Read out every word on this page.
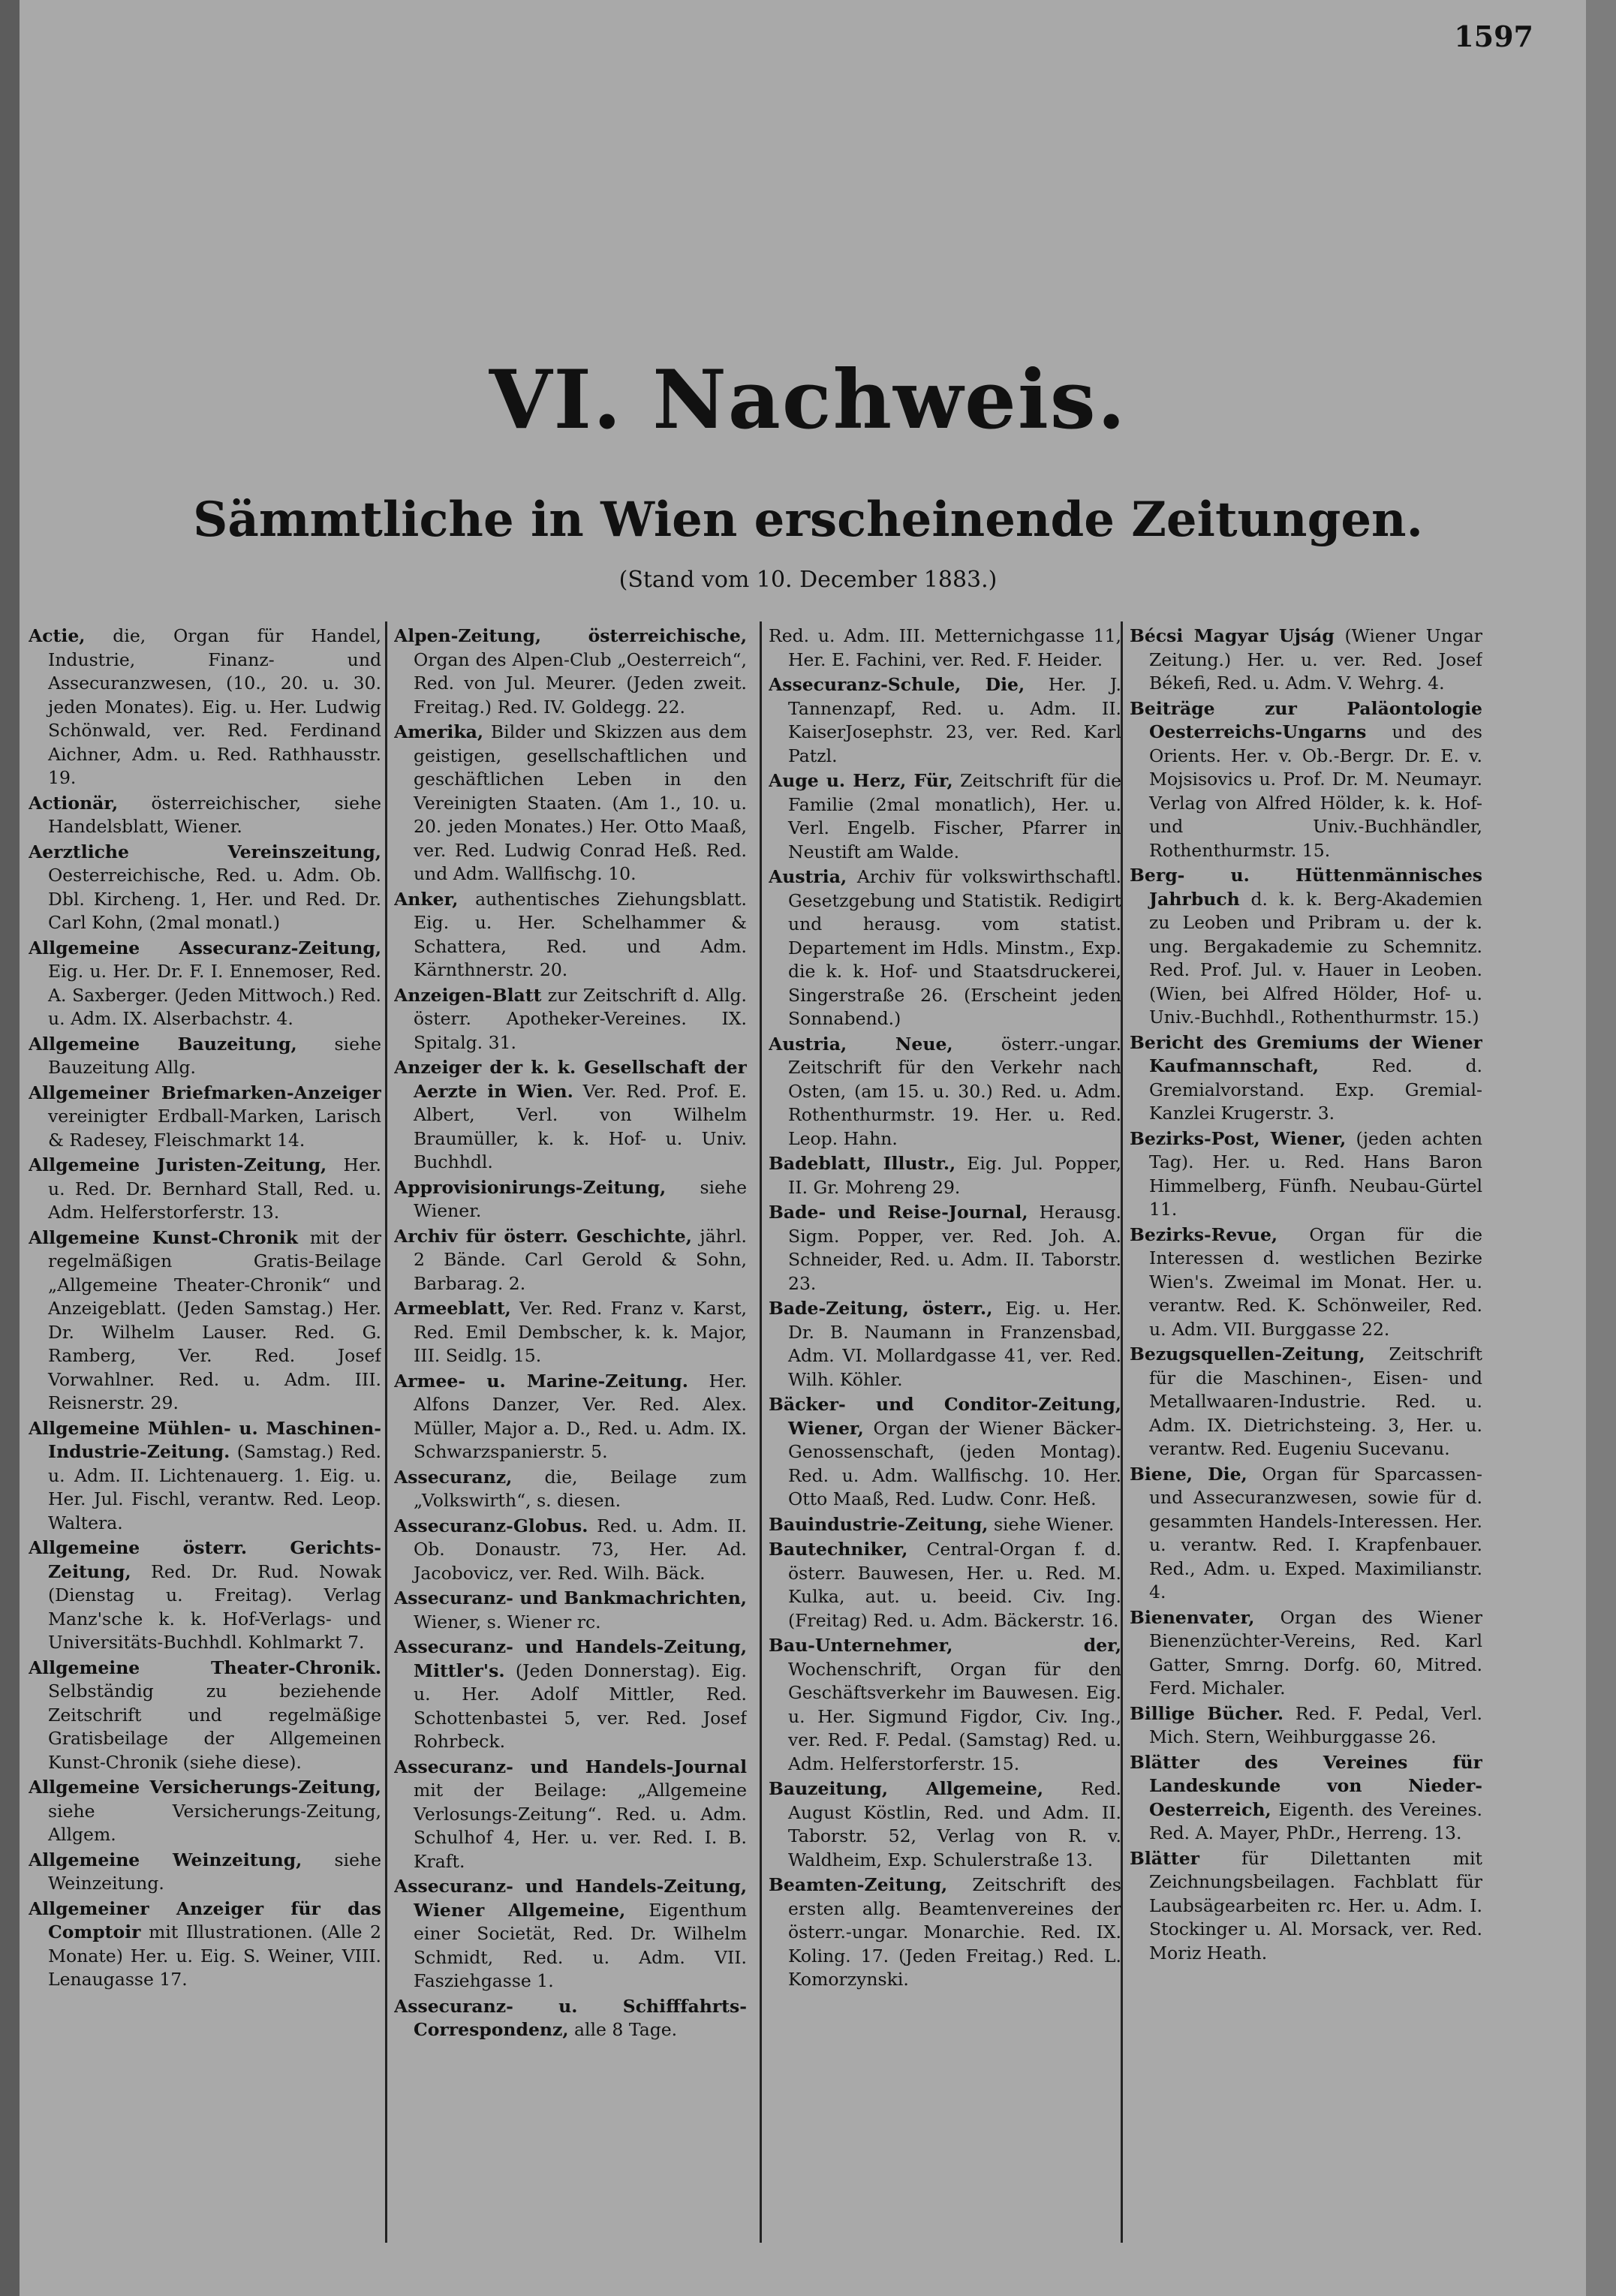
1597
VI. Nachweis.
Sämmtliche in Wien erscheinende Zeitungen.
(Stand vom 10. December 1883.)

Actie, die, Organ für Handel, Industrie, Finanz- und Assecuranzwesen, (10., 20. u. 30. jeden Monates). Eig. u. Her. Ludwig Schönwald, ver. Red. Ferdinand Aichner, Adm. u. Red. Rathhausstr. 19.

Actionär, österreichischer, siehe Handelsblatt, Wiener.

Aerztliche Vereinszeitung, Oesterreichische, Red. u. Adm. Ob. Dbl. Kircheng. 1, Her. und Red. Dr. Carl Kohn, (2mal monatl.)

Allgemeine Assecuranz-Zeitung, Eig. u. Her. Dr. F. I. Ennemoser, Red. A. Saxberger. (Jeden Mittwoch.) Red. u. Adm. IX. Alserbachstr. 4.

Allgemeine Bauzeitung, siehe Bauzeitung Allg.

Allgemeiner Briefmarken-Anzeiger vereinigter Erdball-Marken, Larisch & Radesey, Fleischmarkt 14.

Allgemeine Juristen-Zeitung, Her. u. Red. Dr. Bernhard Stall, Red. u. Adm. Helferstorferstr. 13.

Allgemeine Kunst-Chronik mit der regelmäßigen Gratis-Beilage „Allgemeine Theater-Chronik“ und Anzeigeblatt. (Jeden Samstag.) Her. Dr. Wilhelm Lauser. Red. G. Ramberg, Ver. Red. Josef Vorwahlner. Red. u. Adm. III. Reisnerstr. 29.

Allgemeine Mühlen- u. Maschinen-Industrie-Zeitung. (Samstag.) Red. u. Adm. II. Lichtenauerg. 1. Eig. u. Her. Jul. Fischl, verantw. Red. Leop. Waltera.

Allgemeine österr. Gerichts-Zeitung, Red. Dr. Rud. Nowak (Dienstag u. Freitag). Verlag Manz'sche k. k. Hof-Verlags- und Universitäts-Buchhdl. Kohlmarkt 7.

Allgemeine Theater-Chronik. Selbständig zu beziehende Zeitschrift und regelmäßige Gratisbeilage der Allgemeinen Kunst-Chronik (siehe diese).

Allgemeine Versicherungs-Zeitung, siehe Versicherungs-Zeitung, Allgem.

Allgemeine Weinzeitung, siehe Weinzeitung.

Allgemeiner Anzeiger für das Comptoir mit Illustrationen. (Alle 2 Monate) Her. u. Eig. S. Weiner, VIII. Lenaugasse 17.

Alpen-Zeitung, österreichische, Organ des Alpen-Club „Oesterreich“, Red. von Jul. Meurer. (Jeden zweit. Freitag.) Red. IV. Goldegg. 22.

Amerika, Bilder und Skizzen aus dem geistigen, gesellschaftlichen und geschäftlichen Leben in den Vereinigten Staaten. (Am 1., 10. u. 20. jeden Monates.) Her. Otto Maaß, ver. Red. Ludwig Conrad Heß. Red. und Adm. Wallfischg. 10.

Anker, authentisches Ziehungsblatt. Eig. u. Her. Schelhammer & Schattera, Red. und Adm. Kärnthnerstr. 20.

Anzeigen-Blatt zur Zeitschrift d. Allg. österr. Apotheker-Vereines. IX. Spitalg. 31.

Anzeiger der k. k. Gesellschaft der Aerzte in Wien. Ver. Red. Prof. E. Albert, Verl. von Wilhelm Braumüller, k. k. Hof- u. Univ. Buchhdl.

Approvisionirungs-Zeitung, siehe Wiener.

Archiv für österr. Geschichte, jährl. 2 Bände. Carl Gerold & Sohn, Barbarag. 2.

Armeeblatt, Ver. Red. Franz v. Karst, Red. Emil Dembscher, k. k. Major, III. Seidlg. 15.

Armee- u. Marine-Zeitung. Her. Alfons Danzer, Ver. Red. Alex. Müller, Major a. D., Red. u. Adm. IX. Schwarzspanierstr. 5.

Assecuranz, die, Beilage zum „Volkswirth“, s. diesen.

Assecuranz-Globus. Red. u. Adm. II. Ob. Donaustr. 73, Her. Ad. Jacobovicz, ver. Red. Wilh. Bäck.

Assecuranz- und Bankmachrichten, Wiener, s. Wiener rc.

Assecuranz- und Handels-Zeitung, Mittler's. (Jeden Donnerstag). Eig. u. Her. Adolf Mittler, Red. Schottenbastei 5, ver. Red. Josef Rohrbeck.

Assecuranz- und Handels-Journal mit der Beilage: „Allgemeine Verlosungs-Zeitung“. Red. u. Adm. Schulhof 4, Her. u. ver. Red. I. B. Kraft.

Assecuranz- und Handels-Zeitung, Wiener Allgemeine, Eigenthum einer Societät, Red. Dr. Wilhelm Schmidt, Red. u. Adm. VII. Fasziehgasse 1.

Assecuranz- u. Schifffahrts-Correspondenz, alle 8 Tage.

Red. u. Adm. III. Metternichgasse 11, Her. E. Fachini, ver. Red. F. Heider.

Assecuranz-Schule, Die, Her. J. Tannenzapf, Red. u. Adm. II. KaiserJosephstr. 23, ver. Red. Karl Patzl.

Auge u. Herz, Für, Zeitschrift für die Familie (2mal monatlich), Her. u. Verl. Engelb. Fischer, Pfarrer in Neustift am Walde.

Austria, Archiv für volkswirthschaftl. Gesetzgebung und Statistik. Redigirt und herausg. vom statist. Departement im Hdls. Minstm., Exp. die k. k. Hof- und Staatsdruckerei, Singerstraße 26. (Erscheint jeden Sonnabend.)

Austria, Neue,	österr.-ungar. Zeitschrift für den Verkehr nach Osten, (am 15. u. 30.) Red. u. Adm. Rothenthurmstr. 19. Her. u. Red. Leop. Hahn.

Badeblatt, Illustr., Eig. Jul. Popper, II. Gr. Mohreng 29.

Bade- und Reise-Journal, Herausg. Sigm. Popper, ver. Red. Joh. A. Schneider, Red. u. Adm. II. Taborstr. 23.

Bade-Zeitung, österr., Eig. u. Her. Dr. B. Naumann in Franzensbad, Adm. VI. Mollardgasse 41, ver. Red. Wilh. Köhler.

Bäcker- und Conditor-Zeitung, Wiener, Organ der Wiener Bäcker-Genossenschaft, (jeden Montag). Red. u. Adm. Wallfischg. 10. Her. Otto Maaß, Red. Ludw. Conr. Heß.

Bauindustrie-Zeitung, siehe Wiener.

Bautechniker, Central-Organ f. d. österr. Bauwesen, Her. u. Red. M. Kulka, aut. u. beeid. Civ. Ing. (Freitag) Red. u. Adm. Bäckerstr. 16.

Bau-Unternehmer, der, Wochenschrift, Organ für den Geschäftsverkehr im Bauwesen. Eig. u. Her. Sigmund Figdor, Civ. Ing., ver. Red. F. Pedal. (Samstag) Red. u. Adm. Helferstorferstr. 15.

Bauzeitung, Allgemeine, Red. August Köstlin, Red. und Adm. II. Taborstr. 52, Verlag von R. v. Waldheim, Exp. Schulerstraße 13.

Beamten-Zeitung, Zeitschrift des ersten allg. Beamtenvereines der österr.-ungar. Monarchie. Red. IX. Koling. 17. (Jeden Freitag.) Red. L. Komorzynski.

Bécsi Magyar Ujság (Wiener Ungar Zeitung.) Her. u. ver. Red. Josef Békefi, Red. u. Adm. V. Wehrg. 4.

Beiträge zur Paläontologie Oesterreichs-Ungarns und des Orients. Her. v. Ob.-Bergr. Dr. E. v. Mojsisovics u. Prof. Dr. M. Neumayr. Verlag von Alfred Hölder, k. k. Hof- und Univ.-Buchhändler, Rothenthurmstr. 15.

Berg- u. Hüttenmännisches Jahrbuch d. k. k. Berg-Akademien zu Leoben und Pribram u. der k. ung. Bergakademie zu Schemnitz. Red. Prof. Jul. v. Hauer in Leoben. (Wien, bei Alfred Hölder, Hof- u. Univ.-Buchhdl., Rothenthurmstr. 15.)

Bericht des Gremiums der Wiener Kaufmannschaft,	Red. d. Gremialvorstand. Exp. Gremial-Kanzlei Krugerstr. 3.

Bezirks-Post, Wiener, (jeden achten Tag). Her. u. Red. Hans Baron Himmelberg, Fünfh. Neubau-Gürtel 11.

Bezirks-Revue, Organ für die Interessen d. westlichen Bezirke Wien's. Zweimal im Monat. Her. u. verantw. Red. K. Schönweiler, Red. u. Adm. VII. Burggasse 22.

Bezugsquellen-Zeitung, Zeitschrift für die Maschinen-, Eisen- und Metallwaaren-Industrie. Red. u. Adm. IX. Dietrichsteing. 3, Her. u. verantw. Red. Eugeniu Sucevanu.

Biene, Die, Organ für Sparcassen- und Assecuranzwesen, sowie für d. gesammten Handels-Interessen. Her. u. verantw. Red. I. Krapfenbauer. Red., Adm. u. Exped. Maximilianstr. 4.

Bienenvater, Organ des Wiener Bienenzüchter-Vereins, Red. Karl Gatter, Smrng. Dorfg. 60, Mitred. Ferd. Michaler.

Billige Bücher. Red. F. Pedal, Verl. Mich. Stern, Weihburggasse 26.

Blätter des Vereines für Landeskunde von Nieder-Oesterreich, Eigenth. des Vereines. Red. A. Mayer, PhDr., Herreng. 13.

Blätter für Dilettanten mit Zeichnungsbeilagen. Fachblatt für Laubsägearbeiten rc. Her. u. Adm. I. Stockinger u. Al. Morsack, ver. Red. Moriz Heath.
